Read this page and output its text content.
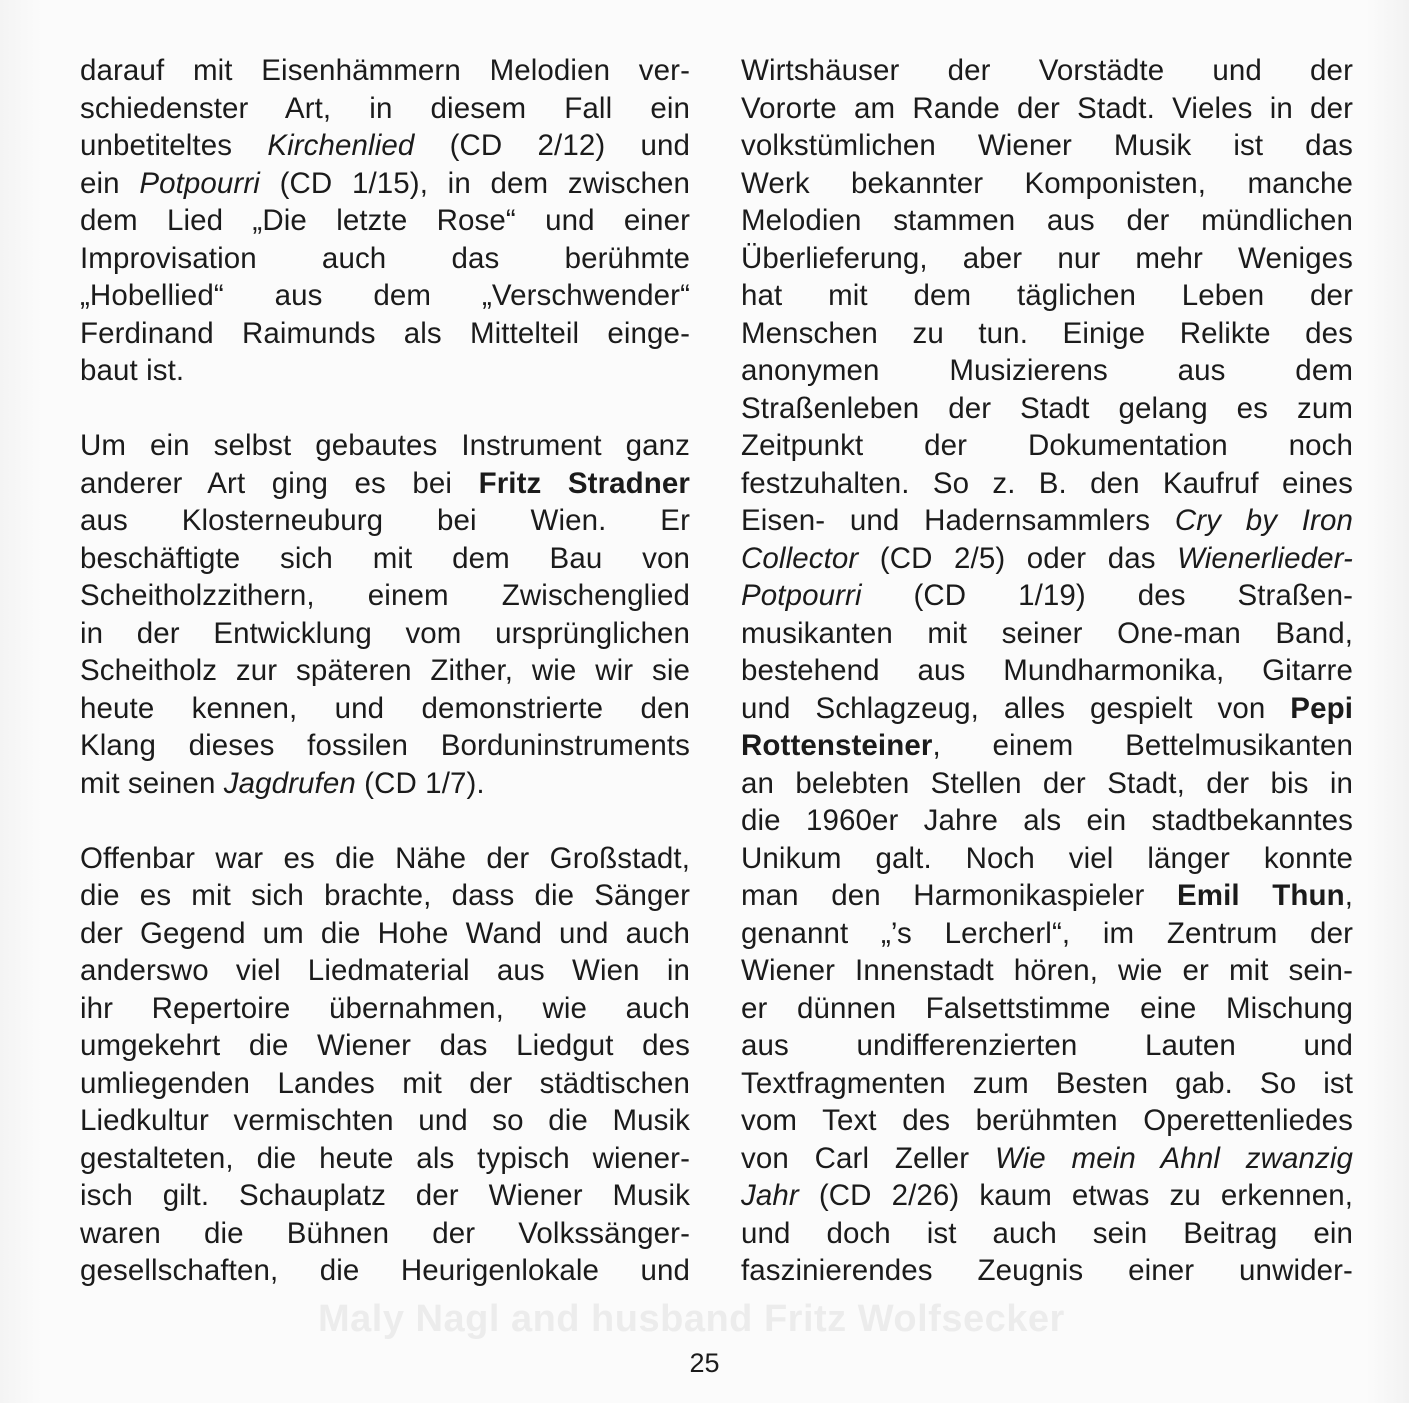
Maly Nagl and husband Fritz Wolfsecker

darauf mit Eisenhämmern Melodien ver-
schiedenster Art, in diesem Fall ein
unbetiteltes Kirchenlied (CD 2/12) und
ein Potpourri (CD 1/15), in dem zwischen
dem Lied „Die letzte Rose“ und einer
Improvisation auch das berühmte
„Hobellied“ aus dem „Verschwender“
Ferdinand Raimunds als Mittelteil einge-
baut ist.

Um ein selbst gebautes Instrument ganz
anderer Art ging es bei Fritz Stradner
aus Klosterneuburg bei Wien. Er
beschäftigte sich mit dem Bau von
Scheitholzzithern, einem Zwischenglied
in der Entwicklung vom ursprünglichen
Scheitholz zur späteren Zither, wie wir sie
heute kennen, und demonstrierte den
Klang dieses fossilen Borduninstruments
mit seinen Jagdrufen (CD 1/7).

Offenbar war es die Nähe der Großstadt,
die es mit sich brachte, dass die Sänger
der Gegend um die Hohe Wand und auch
anderswo viel Liedmaterial aus Wien in
ihr Repertoire übernahmen, wie auch
umgekehrt die Wiener das Liedgut des
umliegenden Landes mit der städtischen
Liedkultur vermischten und so die Musik
gestalteten, die heute als typisch wiener-
isch gilt. Schauplatz der Wiener Musik
waren die Bühnen der Volkssänger-
gesellschaften, die Heurigenlokale und

Wirtshäuser der Vorstädte und der
Vororte am Rande der Stadt. Vieles in der
volkstümlichen Wiener Musik ist das
Werk bekannter Komponisten, manche
Melodien stammen aus der mündlichen
Überlieferung, aber nur mehr Weniges
hat mit dem täglichen Leben der
Menschen zu tun. Einige Relikte des
anonymen Musizierens aus dem
Straßenleben der Stadt gelang es zum
Zeitpunkt der Dokumentation noch
festzuhalten. So z. B. den Kaufruf eines
Eisen- und Hadernsammlers Cry by Iron
Collector (CD 2/5) oder das Wienerlieder-
Potpourri (CD 1/19) des Straßen-
musikanten mit seiner One-man Band,
bestehend aus Mundharmonika, Gitarre
und Schlagzeug, alles gespielt von Pepi
Rottensteiner, einem Bettelmusikanten
an belebten Stellen der Stadt, der bis in
die 1960er Jahre als ein stadtbekanntes
Unikum galt. Noch viel länger konnte
man den Harmonikaspieler Emil Thun,
genannt „’s Lercherl“, im Zentrum der
Wiener Innenstadt hören, wie er mit sein-
er dünnen Falsettstimme eine Mischung
aus undifferenzierten Lauten und
Textfragmenten zum Besten gab. So ist
vom Text des berühmten Operettenliedes
von Carl Zeller Wie mein Ahnl zwanzig
Jahr (CD 2/26) kaum etwas zu erkennen,
und doch ist auch sein Beitrag ein
faszinierendes Zeugnis einer unwider-

25
